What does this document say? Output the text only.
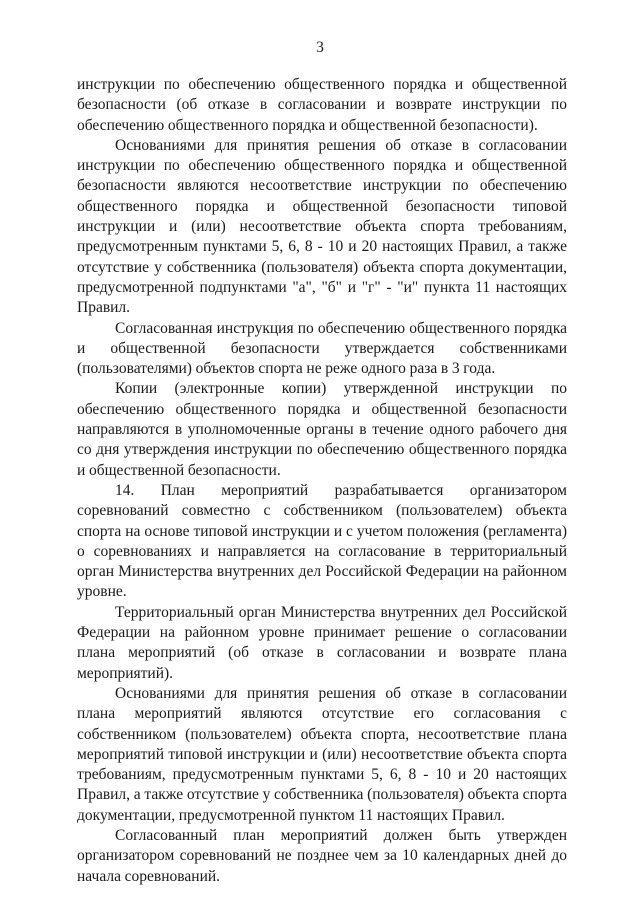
3

инструкции по обеспечению общественного порядка и общественной безопасности (об отказе в согласовании и возврате инструкции по обеспечению общественного порядка и общественной безопасности).

Основаниями для принятия решения об отказе в согласовании инструкции по обеспечению общественного порядка и общественной безопасности являются несоответствие инструкции по обеспечению общественного порядка и общественной безопасности типовой инструкции и (или) несоответствие объекта спорта требованиям, предусмотренным пунктами 5, 6, 8 - 10 и 20 настоящих Правил, а также отсутствие у собственника (пользователя) объекта спорта документации, предусмотренной подпунктами "а", "б" и "г" - "и" пункта 11 настоящих Правил.

Согласованная инструкция по обеспечению общественного порядка и общественной безопасности утверждается собственниками (пользователями) объектов спорта не реже одного раза в 3 года.

Копии (электронные копии) утвержденной инструкции по обеспечению общественного порядка и общественной безопасности направляются в уполномоченные органы в течение одного рабочего дня со дня утверждения инструкции по обеспечению общественного порядка и общественной безопасности.

14. План мероприятий разрабатывается организатором соревнований совместно с собственником (пользователем) объекта спорта на основе типовой инструкции и с учетом положения (регламента) о соревнованиях и направляется на согласование в территориальный орган Министерства внутренних дел Российской Федерации на районном уровне.

Территориальный орган Министерства внутренних дел Российской Федерации на районном уровне принимает решение о согласовании плана мероприятий (об отказе в согласовании и возврате плана мероприятий).

Основаниями для принятия решения об отказе в согласовании плана мероприятий являются отсутствие его согласования с собственником (пользователем) объекта спорта, несоответствие плана мероприятий типовой инструкции и (или) несоответствие объекта спорта требованиям, предусмотренным пунктами 5, 6, 8 - 10 и 20 настоящих Правил, а также отсутствие у собственника (пользователя) объекта спорта документации, предусмотренной пунктом 11 настоящих Правил.

Согласованный план мероприятий должен быть утвержден организатором соревнований не позднее чем за 10 календарных дней до начала соревнований.
